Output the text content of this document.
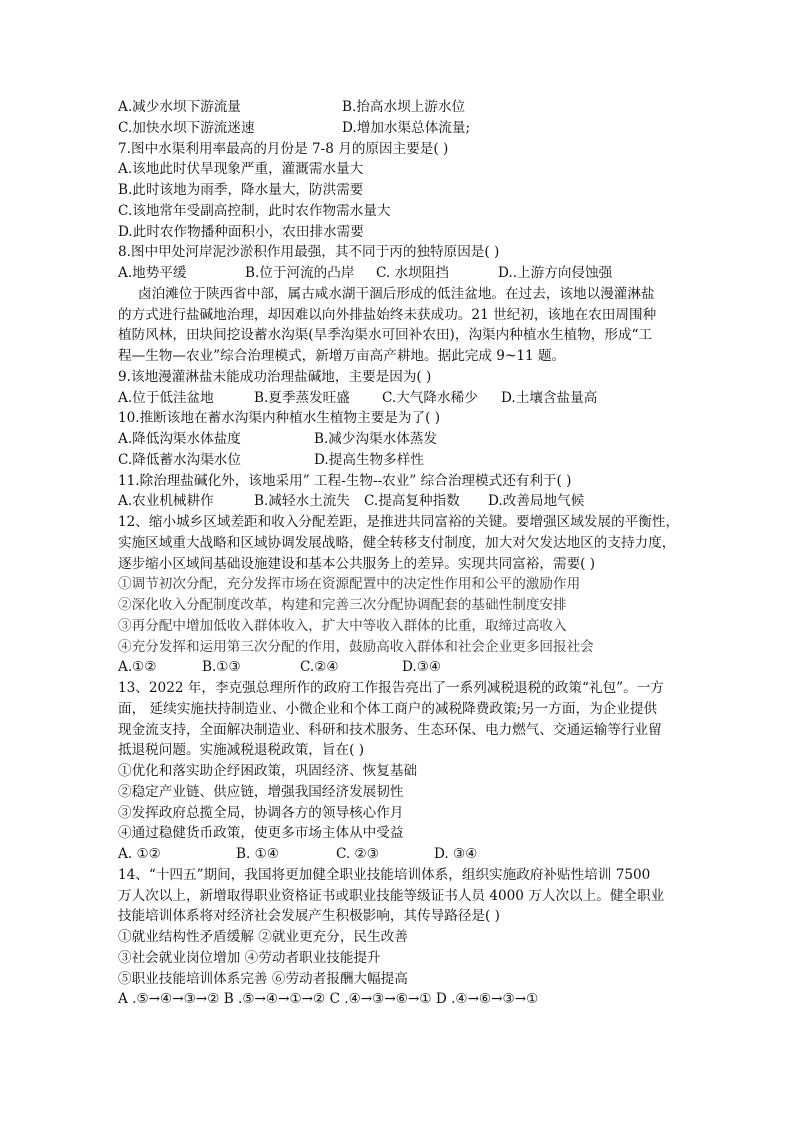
A.减少水坝下游流量	B.抬高水坝上游水位
C.加快水坝下游流迷速	D.增加水渠总体流量;
7.图中水渠利用率最高的月份是 7-8 月的原因主要是( )
A.该地此时伏旱现象严重，灌溉需水量大
B.此时该地为雨季，降水量大，防洪需要
C.该地常年受副高控制，此时农作物需水量大
D.此时农作物播种面积小，农田排水需要
8.图中甲处河岸泥沙淤积作用最强，其不同于丙的独特原因是( )
A.地势平缓	B.位于河流的凸岸 C. 水坝阻挡	D..上游方向侵蚀强
卤泊滩位于陕西省中部，属古咸水湖干涸后形成的低洼盆地。在过去，该地以漫灌淋盐
的方式进行盐碱地治理，却因难以向外排盐始终未获成功。21 世纪初，该地在农田周围种
植防风林，田块间挖设蓄水沟渠(旱季沟渠水可回补农田)，沟渠内种植水生植物，形成“工
程—生物—农业”综合治理模式，新增万亩高产耕地。据此完成 9~11 题。
9.该地漫灌淋盐未能成功治理盐碱地，主要是因为( )
A.位于低洼盆地	B.夏季蒸发旺盛 C.大气降水稀少 D.土壤含盐量高
10.推断该地在蓄水沟渠内种植水生植物主要是为了( )
A.降低沟渠水体盐度	B.减少沟渠水体蒸发
C.降低蓄水沟渠水位	D.提高生物多样性
11.除治理盐碱化外，该地采用” 工程-生物--农业” 综合治理模式还有利于( )
A.农业机械耕作	B.减轻水土流失 C.提高复种指数 D.改善局地气候
12、缩小城乡区域差距和收入分配差距，是推进共同富裕的关键。要增强区域发展的平衡性，
实施区域重大战略和区域协调发展战略，健全转移支付制度，加大对欠发达地区的支持力度，
逐步缩小区域间基础设施建设和基本公共服务上的差异。实现共同富裕，需要( )
①调节初次分配，充分发挥市场在资源配置中的决定性作用和公平的激励作用
②深化收入分配制度改革，构建和完善三次分配协调配套的基础性制度安排
③再分配中增加低收入群体收入，扩大中等收入群体的比重，取缔过高收入
④充分发挥和运用第三次分配的作用，鼓励高收入群体和社会企业更多回报社会
A.①②	B.①③	C.②④	D.③④
13、2022 年，李克强总理所作的政府工作报告亮出了一系列减税退税的政策“礼包”。一方
面， 延续实施扶持制造业、小微企业和个体工商户的减税降费政策;另一方面，为企业提供
现金流支持，全面解决制造业、科研和技术服务、生态环保、电力燃气、交通运输等行业留
抵退税问题。实施减税退税政策，旨在( )
①优化和落实助企纾困政策，巩固经济、恢复基础
②稳定产业链、供应链，增强我国经济发展韧性
③发挥政府总揽全局，协调各方的领导核心作月
④通过稳健货币政策，使更多市场主体从中受益
A. ①②	B. ①④	C. ②③	D. ③④
14、“十四五”期间，我国将更加健全职业技能培训体系，组织实施政府补贴性培训 7500
万人次以上，新增取得职业资格证书或职业技能等级证书人员 4000 万人次以上。健全职业
技能培训体系将对经济社会发展产生积极影响，其传导路径是( )
①就业结构性矛盾缓解 ②就业更充分，民生改善
③社会就业岗位增加 ④劳动者职业技能提升
⑤职业技能培训体系完善 ⑥劳动者报酬大幅提高
A .⑤→④→③→② B .⑤→④→①→② C .④→③→⑥→① D .④→⑥→③→①
